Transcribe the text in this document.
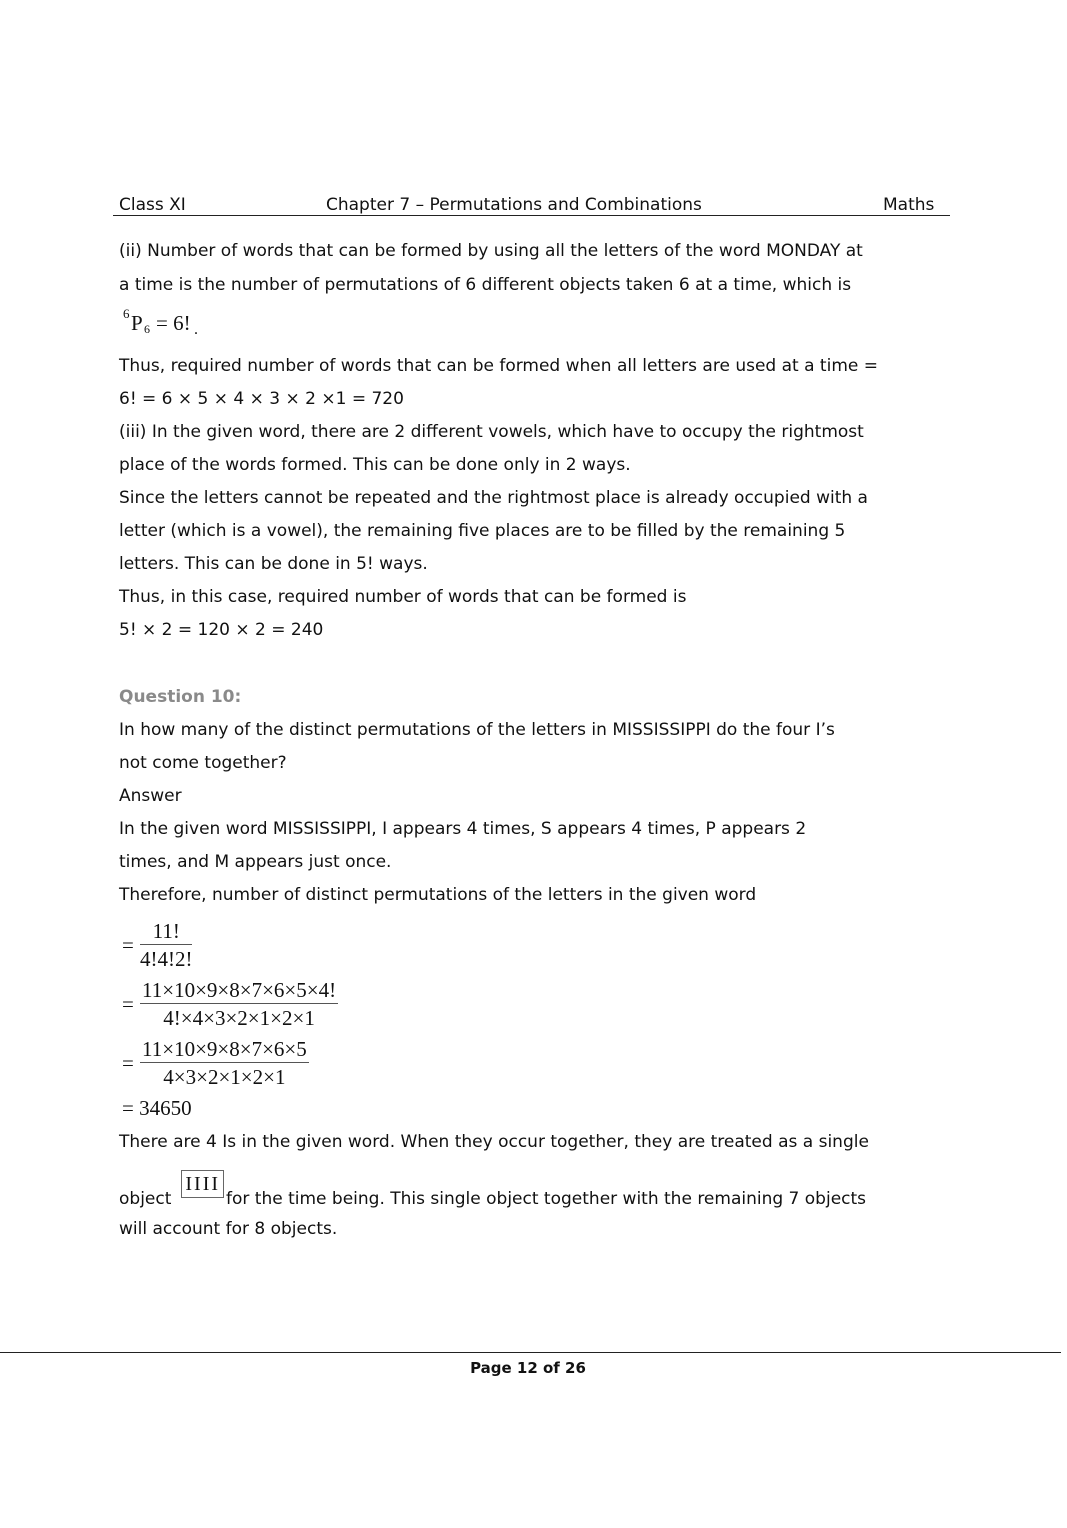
Class XI	Chapter 7 – Permutations and Combinations	Maths
(ii) Number of words that can be formed by using all the letters of the word MONDAY at
a time is the number of permutations of 6 different objects taken 6 at a time, which is
6 P 6 = 6! .
Thus, required number of words that can be formed when all letters are used at a time =
6! = 6 × 5 × 4 × 3 × 2 ×1 = 720
(iii) In the given word, there are 2 different vowels, which have to occupy the rightmost
place of the words formed. This can be done only in 2 ways.
Since the letters cannot be repeated and the rightmost place is already occupied with a
letter (which is a vowel), the remaining five places are to be filled by the remaining 5
letters. This can be done in 5! ways.
Thus, in this case, required number of words that can be formed is
5! × 2 = 120 × 2 = 240
Question 10:
In how many of the distinct permutations of the letters in MISSISSIPPI do the four I’s
not come together?
Answer
In the given word MISSISSIPPI, I appears 4 times, S appears 4 times, P appears 2
times, and M appears just once.
Therefore, number of distinct permutations of the letters in the given word
= $\frac{11!}{4!4!2!}$
= $\frac{11\times 10\times 9\times 8\times 7\times 6\times 5\times 4!}{4!\times 4\times 3\times 2\times 1\times 2\times 1}$
= $\frac{11\times 10\times 9\times 8\times 7\times 6\times 5}{4\times 3\times 2\times 1\times 2\times 1}$
= 34650
There are 4 Is in the given word. When they occur together, they are treated as a single
objectIIIIfor the time being. This single object together with the remaining 7 objects
will account for 8 objects.
Page 12 of 26
